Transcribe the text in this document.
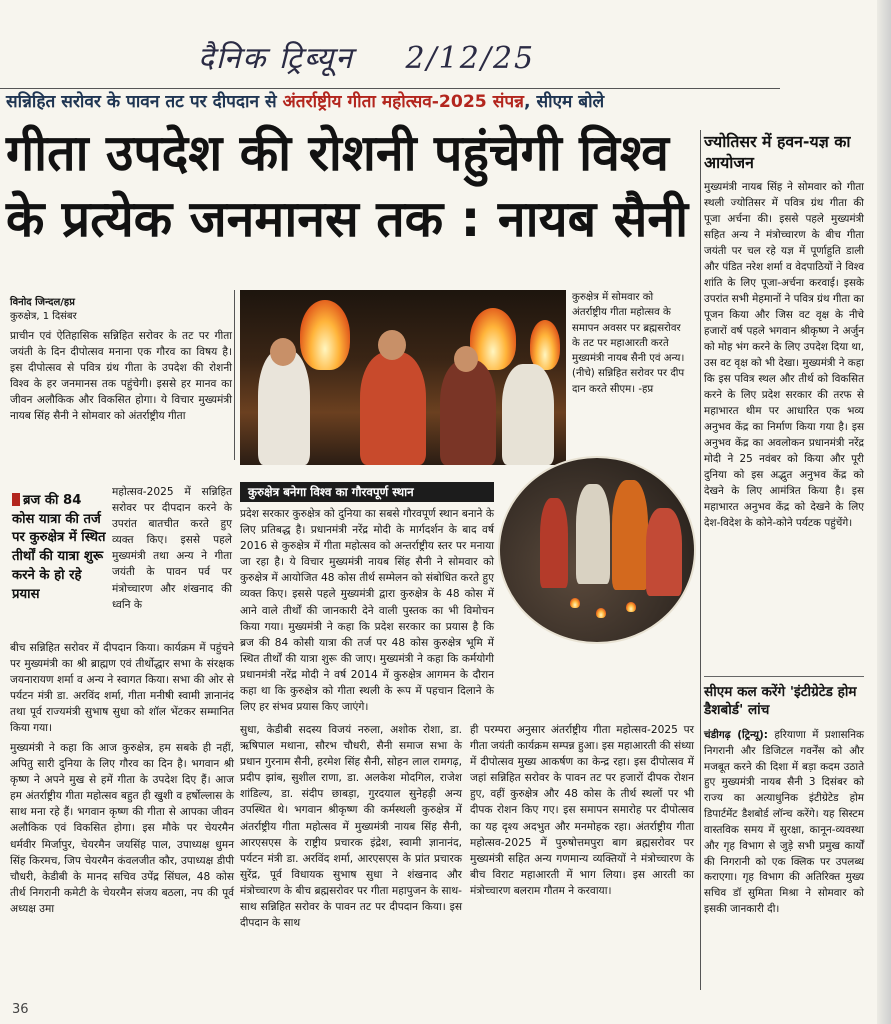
दैनिक ट्रिब्यून 2/12/25
सन्निहित सरोवर के पावन तट पर दीपदान से अंतर्राष्ट्रीय गीता महोत्सव-2025 संपन्न, सीएम बोले
गीता उपदेश की रोशनी पहुंचेगी विश्व
के प्रत्येक जनमानस तक : नायब सैनी
विनोद जिन्दल/हप्र
कुरुक्षेत्र, 1 दिसंबर
प्राचीन एवं ऐतिहासिक सन्निहित सरोवर के तट पर गीता जयंती के दिन दीपोत्सव मनाना एक गौरव का विषय है। इस दीपोत्सव से पवित्र ग्रंथ गीता के उपदेश की रोशनी विश्व के हर जनमानस तक पहुंचेगी। इससे हर मानव का जीवन अलौकिक और विकसित होगा। ये विचार मुख्यमंत्री नायब सिंह सैनी ने सोमवार को अंतर्राष्ट्रीय गीता
ब्रज की 84 कोस यात्रा की तर्ज पर कुरुक्षेत्र में स्थित तीर्थों की यात्रा शुरू करने के हो रहे प्रयास
महोत्सव-2025 में सन्निहित सरोवर पर दीपदान करने के उपरांत बातचीत करते हुए व्यक्त किए। इससे पहले मुख्यमंत्री तथा अन्य ने गीता जयंती के पावन पर्व पर मंत्रोच्चारण और शंखनाद की ध्वनि के
बीच सन्निहित सरोवर में दीपदान किया। कार्यक्रम में पहुंचने पर मुख्यमंत्री का श्री ब्राह्मण एवं तीर्थोद्धार सभा के संरक्षक जयनारायण शर्मा व अन्य ने स्वागत किया। सभा की ओर से पर्यटन मंत्री डा. अरविंद शर्मा, गीता मनीषी स्वामी ज्ञानानंद तथा पूर्व राज्यमंत्री सुभाष सुधा को शॉल भेंटकर सम्मानित किया गया।
मुख्यमंत्री ने कहा कि आज कुरुक्षेत्र, हम सबके ही नहीं, अपितु सारी दुनिया के लिए गौरव का दिन है। भगवान श्री कृष्ण ने अपने मुख से हमें गीता के उपदेश दिए हैं। आज हम अंतर्राष्ट्रीय गीता महोत्सव बहुत ही खुशी व हर्षोल्लास के साथ मना रहे हैं। भगवान कृष्ण की गीता से आपका जीवन अलौकिक एवं विकसित होगा। इस मौके पर चेयरमैन धर्मवीर मिर्जापुर, चेयरमैन जयसिंह पाल, उपाध्यक्ष धुमन सिंह किरमच, जिप चेयरमैन कंवलजीत कौर, उपाध्यक्ष डीपी चौधरी, केडीबी के मानद सचिव उपेंद्र सिंघल, 48 कोस तीर्थ निगरानी कमेटी के चेयरमैन संजय बठला, नप की पूर्व अध्यक्ष उमा
कुरुक्षेत्र में सोमवार को अंतर्राष्ट्रीय गीता महोत्सव के समापन अवसर पर ब्रह्मसरोवर के तट पर महाआरती करते मुख्यमंत्री नायब सैनी एवं अन्य। (नीचे) सन्निहित सरोवर पर दीप दान करते सीएम। -हप्र
कुरुक्षेत्र बनेगा विश्व का गौरवपूर्ण स्थान
प्रदेश सरकार कुरुक्षेत्र को दुनिया का सबसे गौरवपूर्ण स्थान बनाने के लिए प्रतिबद्ध है। प्रधानमंत्री नरेंद्र मोदी के मार्गदर्शन के बाद वर्ष 2016 से कुरुक्षेत्र में गीता महोत्सव को अन्तर्राष्ट्रीय स्तर पर मनाया जा रहा है। ये विचार मुख्यमंत्री नायब सिंह सैनी ने सोमवार को कुरुक्षेत्र में आयोजित 48 कोस तीर्थ सम्मेलन को संबोधित करते हुए व्यक्त किए। इससे पहले मुख्यमंत्री द्वारा कुरुक्षेत्र के 48 कोस में आने वाले तीर्थों की जानकारी देने वाली पुस्तक का भी विमोचन किया गया। मुख्यमंत्री ने कहा कि प्रदेश सरकार का प्रयास है कि ब्रज की 84 कोसी यात्रा की तर्ज पर 48 कोस कुरुक्षेत्र भूमि में स्थित तीर्थों की यात्रा शुरू की जाए। मुख्यमंत्री ने कहा कि कर्मयोगी प्रधानमंत्री नरेंद्र मोदी ने वर्ष 2014 में कुरुक्षेत्र आगमन के दौरान कहा था कि कुरुक्षेत्र को गीता स्थली के रूप में पहचान दिलाने के लिए हर संभव प्रयास किए जाएंगे।
सुधा, केडीबी सदस्य विजयं नरुला, अशोक रोशा, डा. ऋषिपाल मथाना, सौरभ चौधरी, सैनी समाज सभा के प्रधान गुरनाम सैनी, हरमेश सिंह सैनी, सोहन लाल रामगढ़, प्रदीप झांब, सुशील राणा, डा. अलकेश मोदगिल, राजेश शांडिल्य, डा. संदीप छाबड़ा, गुरदयाल सुनेहड़ी अन्य उपस्थित थे। भगवान श्रीकृष्ण की कर्मस्थली कुरुक्षेत्र में अंतर्राष्ट्रीय गीता महोत्सव में मुख्यमंत्री नायब सिंह सैनी, आरएसएस के राष्ट्रीय प्रचारक इंद्रेश, स्वामी ज्ञानानंद, पर्यटन मंत्री डा. अरविंद शर्मा, आरएसएस के प्रांत प्रचारक सुरेंद्र, पूर्व विधायक सुभाष सुधा ने शंखनाद और मंत्रोच्चारण के बीच ब्रह्मसरोवर पर गीता महापुजन के साथ-साथ सन्निहित सरोवर के पावन तट पर दीपदान किया। इस दीपदान के साथ
ही परम्परा अनुसार अंतर्राष्ट्रीय गीता महोत्सव-2025 पर गीता जयंती कार्यक्रम सम्पन्न हुआ। इस महाआरती की संध्या में दीपोत्सव मुख्य आकर्षण का केन्द्र रहा। इस दीपोत्सव में जहां सन्निहित सरोवर के पावन तट पर हजारों दीपक रोशन हुए, वहीं कुरुक्षेत्र और 48 कोस के तीर्थ स्थलों पर भी दीपक रोशन किए गए। इस समापन समारोह पर दीपोत्सव का यह दृश्य अदभुत और मनमोहक रहा। अंतर्राष्ट्रीय गीता महोत्सव-2025 में पुरुषोत्तमपुरा बाग ब्रह्मसरोवर पर मुख्यमंत्री सहित अन्य गणमान्य व्यक्तियों ने मंत्रोच्चारण के बीच विराट महाआरती में भाग लिया। इस आरती का मंत्रोच्चारण बलराम गौतम ने करवाया।
ज्योतिसर में हवन-यज्ञ का आयोजन
मुख्यमंत्री नायब सिंह ने सोमवार को गीता स्थली ज्योतिसर में पवित्र ग्रंथ गीता की पूजा अर्चना की। इससे पहले मुख्यमंत्री सहित अन्य ने मंत्रोच्चारण के बीच गीता जयंती पर चल रहे यज्ञ में पूर्णाहुति डाली और पंडित नरेश शर्मा व वेदपाठियों ने विश्व शांति के लिए पूजा-अर्चना करवाई। इसके उपरांत सभी मेहमानों ने पवित्र ग्रंथ गीता का पूजन किया और जिस वट वृक्ष के नीचे हजारों वर्ष पहले भगवान श्रीकृष्ण ने अर्जुन को मोह भंग करने के लिए उपदेश दिया था, उस वट वृक्ष को भी देखा। मुख्यमंत्री ने कहा कि इस पवित्र स्थल और तीर्थ को विकसित करने के लिए प्रदेश सरकार की तरफ से महाभारत थीम पर आधारित एक भव्य अनुभव केंद्र का निर्माण किया गया है। इस अनुभव केंद्र का अवलोकन प्रधानमंत्री नरेंद्र मोदी ने 25 नवंबर को किया और पूरी दुनिया को इस अद्भुत अनुभव केंद्र को देखने के लिए आमंत्रित किया है। इस महाभारत अनुभव केंद्र को देखने के लिए देश-विदेश के कोने-कोने पर्यटक पहुंचेंगे।
सीएम कल करेंगे 'इंटीग्रेटेड होम डैशबोर्ड' लांच
चंडीगढ़ (ट्रिन्यू): हरियाणा में प्रशासनिक निगरानी और डिजिटल गवर्नेंस को और मजबूत करने की दिशा में बड़ा कदम उठाते हुए मुख्यमंत्री नायब सैनी 3 दिसंबर को राज्य का अत्याधुनिक इंटीग्रेटेड होम डिपार्टमेंट डैशबोर्ड लॉन्च करेंगे। यह सिस्टम वास्तविक समय में सुरक्षा, कानून-व्यवस्था और गृह विभाग से जुड़े सभी प्रमुख कार्यों की निगरानी को एक क्लिक पर उपलब्ध कराएगा। गृह विभाग की अतिरिक्त मुख्य सचिव डॉ सुमिता मिश्रा ने सोमवार को इसकी जानकारी दी।
36
